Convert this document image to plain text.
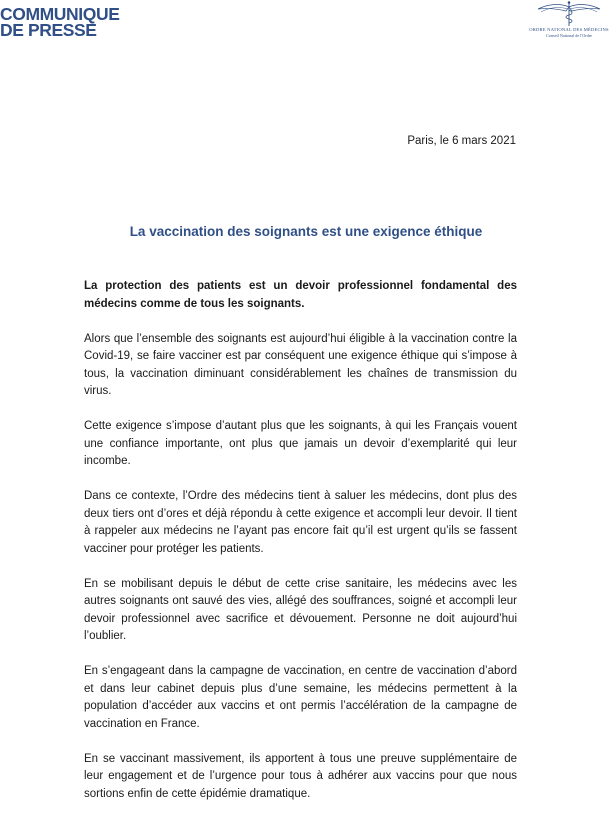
COMMUNIQUE
DE PRESSE	ORDRE NATIONAL DES MÉDECINS
Conseil National de l'Ordre
Paris, le 6 mars 2021
La vaccination des soignants est une exigence éthique

La protection des patients est un devoir professionnel fondamental des médecins comme de tous les soignants.

Alors que l’ensemble des soignants est aujourd’hui éligible à la vaccination contre la Covid-19, se faire vacciner est par conséquent une exigence éthique qui s’impose à tous, la vaccination diminuant considérablement les chaînes de transmission du virus.

Cette exigence s’impose d’autant plus que les soignants, à qui les Français vouent une confiance importante, ont plus que jamais un devoir d’exemplarité qui leur incombe.

Dans ce contexte, l’Ordre des médecins tient à saluer les médecins, dont plus des deux tiers ont d’ores et déjà répondu à cette exigence et accompli leur devoir. Il tient à rappeler aux médecins ne l’ayant pas encore fait qu’il est urgent qu’ils se fassent vacciner pour protéger les patients.

En se mobilisant depuis le début de cette crise sanitaire, les médecins avec les autres soignants ont sauvé des vies, allégé des souffrances, soigné et accompli leur devoir professionnel avec sacrifice et dévouement. Personne ne doit aujourd’hui l’oublier.

En s’engageant dans la campagne de vaccination, en centre de vaccination d’abord et dans leur cabinet depuis plus d’une semaine, les médecins permettent à la population d’accéder aux vaccins et ont permis l’accélération de la campagne de vaccination en France.

En se vaccinant massivement, ils apportent à tous une preuve supplémentaire de leur engagement et de l’urgence pour tous à adhérer aux vaccins pour que nous sortions enfin de cette épidémie dramatique.
